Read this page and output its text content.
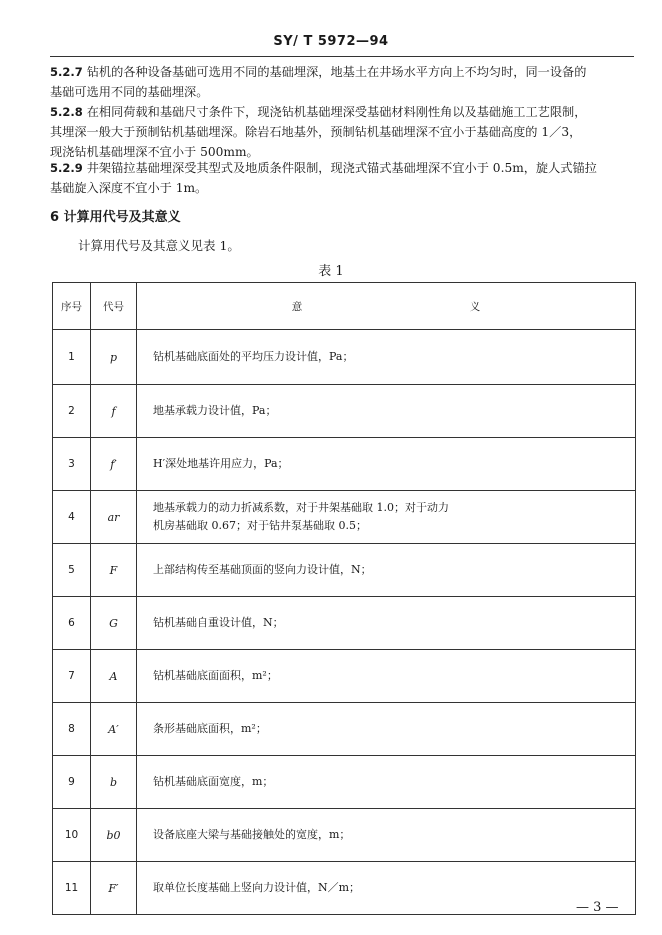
SY/ T 5972—94
5.2.7 钻机的各种设备基础可选用不同的基础埋深，地基土在井场水平方向上不均匀时，同一设备的
基础可选用不同的基础埋深。
5.2.8 在相同荷载和基础尺寸条件下，现浇钻机基础埋深受基础材料刚性角以及基础施工工艺限制，
其埋深一般大于预制钻机基础埋深。除岩石地基外，预制钻机基础埋深不宜小于基础高度的 1／3，
现浇钻机基础埋深不宜小于 500mm。
5.2.9 井架锚拉基础埋深受其型式及地质条件限制，现浇式锚式基础埋深不宜小于 0.5m，旋人式锚拉
基础旋入深度不宜小于 1m。
6 计算用代号及其意义
计算用代号及其意义见表 1。
表 1
序号	代号	意 义

1	p	钻机基础底面处的平均压力设计值，Pa；
2	f	地基承载力设计值，Pa；
3	f′	H′深处地基许用应力，Pa；
4	ar	地基承载力的动力折减系数，对于井架基础取 1.0；对于动力
机房基础取 0.67；对于钻井泵基础取 0.5；

5	F	上部结构传至基础顶面的竖向力设计值，N；
6	G	钻机基础自重设计值，N；
7	A	钻机基础底面面积，m²；
8	A′	条形基础底面积，m²；
9	b	钻机基础底面宽度，m；
10	b0	设备底座大梁与基础接触处的宽度，m；
11	F′	取单位长度基础上竖向力设计值，N／m；
— 3 —
